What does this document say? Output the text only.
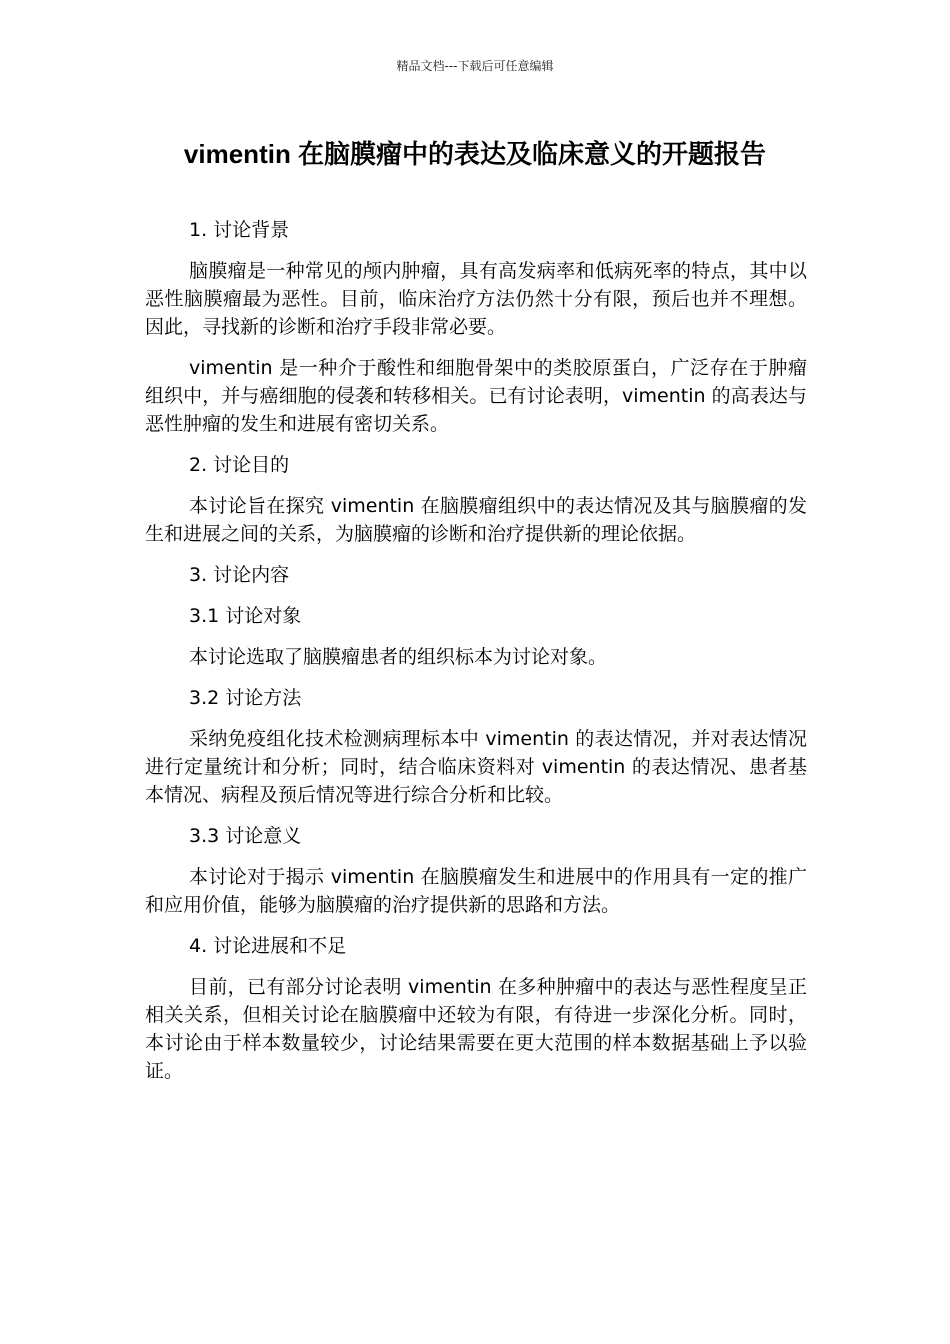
精品文档---下载后可任意编辑
vimentin 在脑膜瘤中的表达及临床意义的开题报告

1. 讨论背景

脑膜瘤是一种常见的颅内肿瘤，具有高发病率和低病死率的特点，其中以恶性脑膜瘤最为恶性。目前，临床治疗方法仍然十分有限，预后也并不理想。因此，寻找新的诊断和治疗手段非常必要。

vimentin 是一种介于酸性和细胞骨架中的类胶原蛋白，广泛存在于肿瘤组织中，并与癌细胞的侵袭和转移相关。已有讨论表明，vimentin 的高表达与恶性肿瘤的发生和进展有密切关系。

2. 讨论目的

本讨论旨在探究 vimentin 在脑膜瘤组织中的表达情况及其与脑膜瘤的发生和进展之间的关系，为脑膜瘤的诊断和治疗提供新的理论依据。

3. 讨论内容

3.1 讨论对象

本讨论选取了脑膜瘤患者的组织标本为讨论对象。

3.2 讨论方法

采纳免疫组化技术检测病理标本中 vimentin 的表达情况，并对表达情况进行定量统计和分析；同时，结合临床资料对 vimentin 的表达情况、患者基本情况、病程及预后情况等进行综合分析和比较。

3.3 讨论意义

本讨论对于揭示 vimentin 在脑膜瘤发生和进展中的作用具有一定的推广和应用价值，能够为脑膜瘤的治疗提供新的思路和方法。

4. 讨论进展和不足

目前，已有部分讨论表明 vimentin 在多种肿瘤中的表达与恶性程度呈正相关关系，但相关讨论在脑膜瘤中还较为有限，有待进一步深化分析。同时，本讨论由于样本数量较少，讨论结果需要在更大范围的样本数据基础上予以验证。
